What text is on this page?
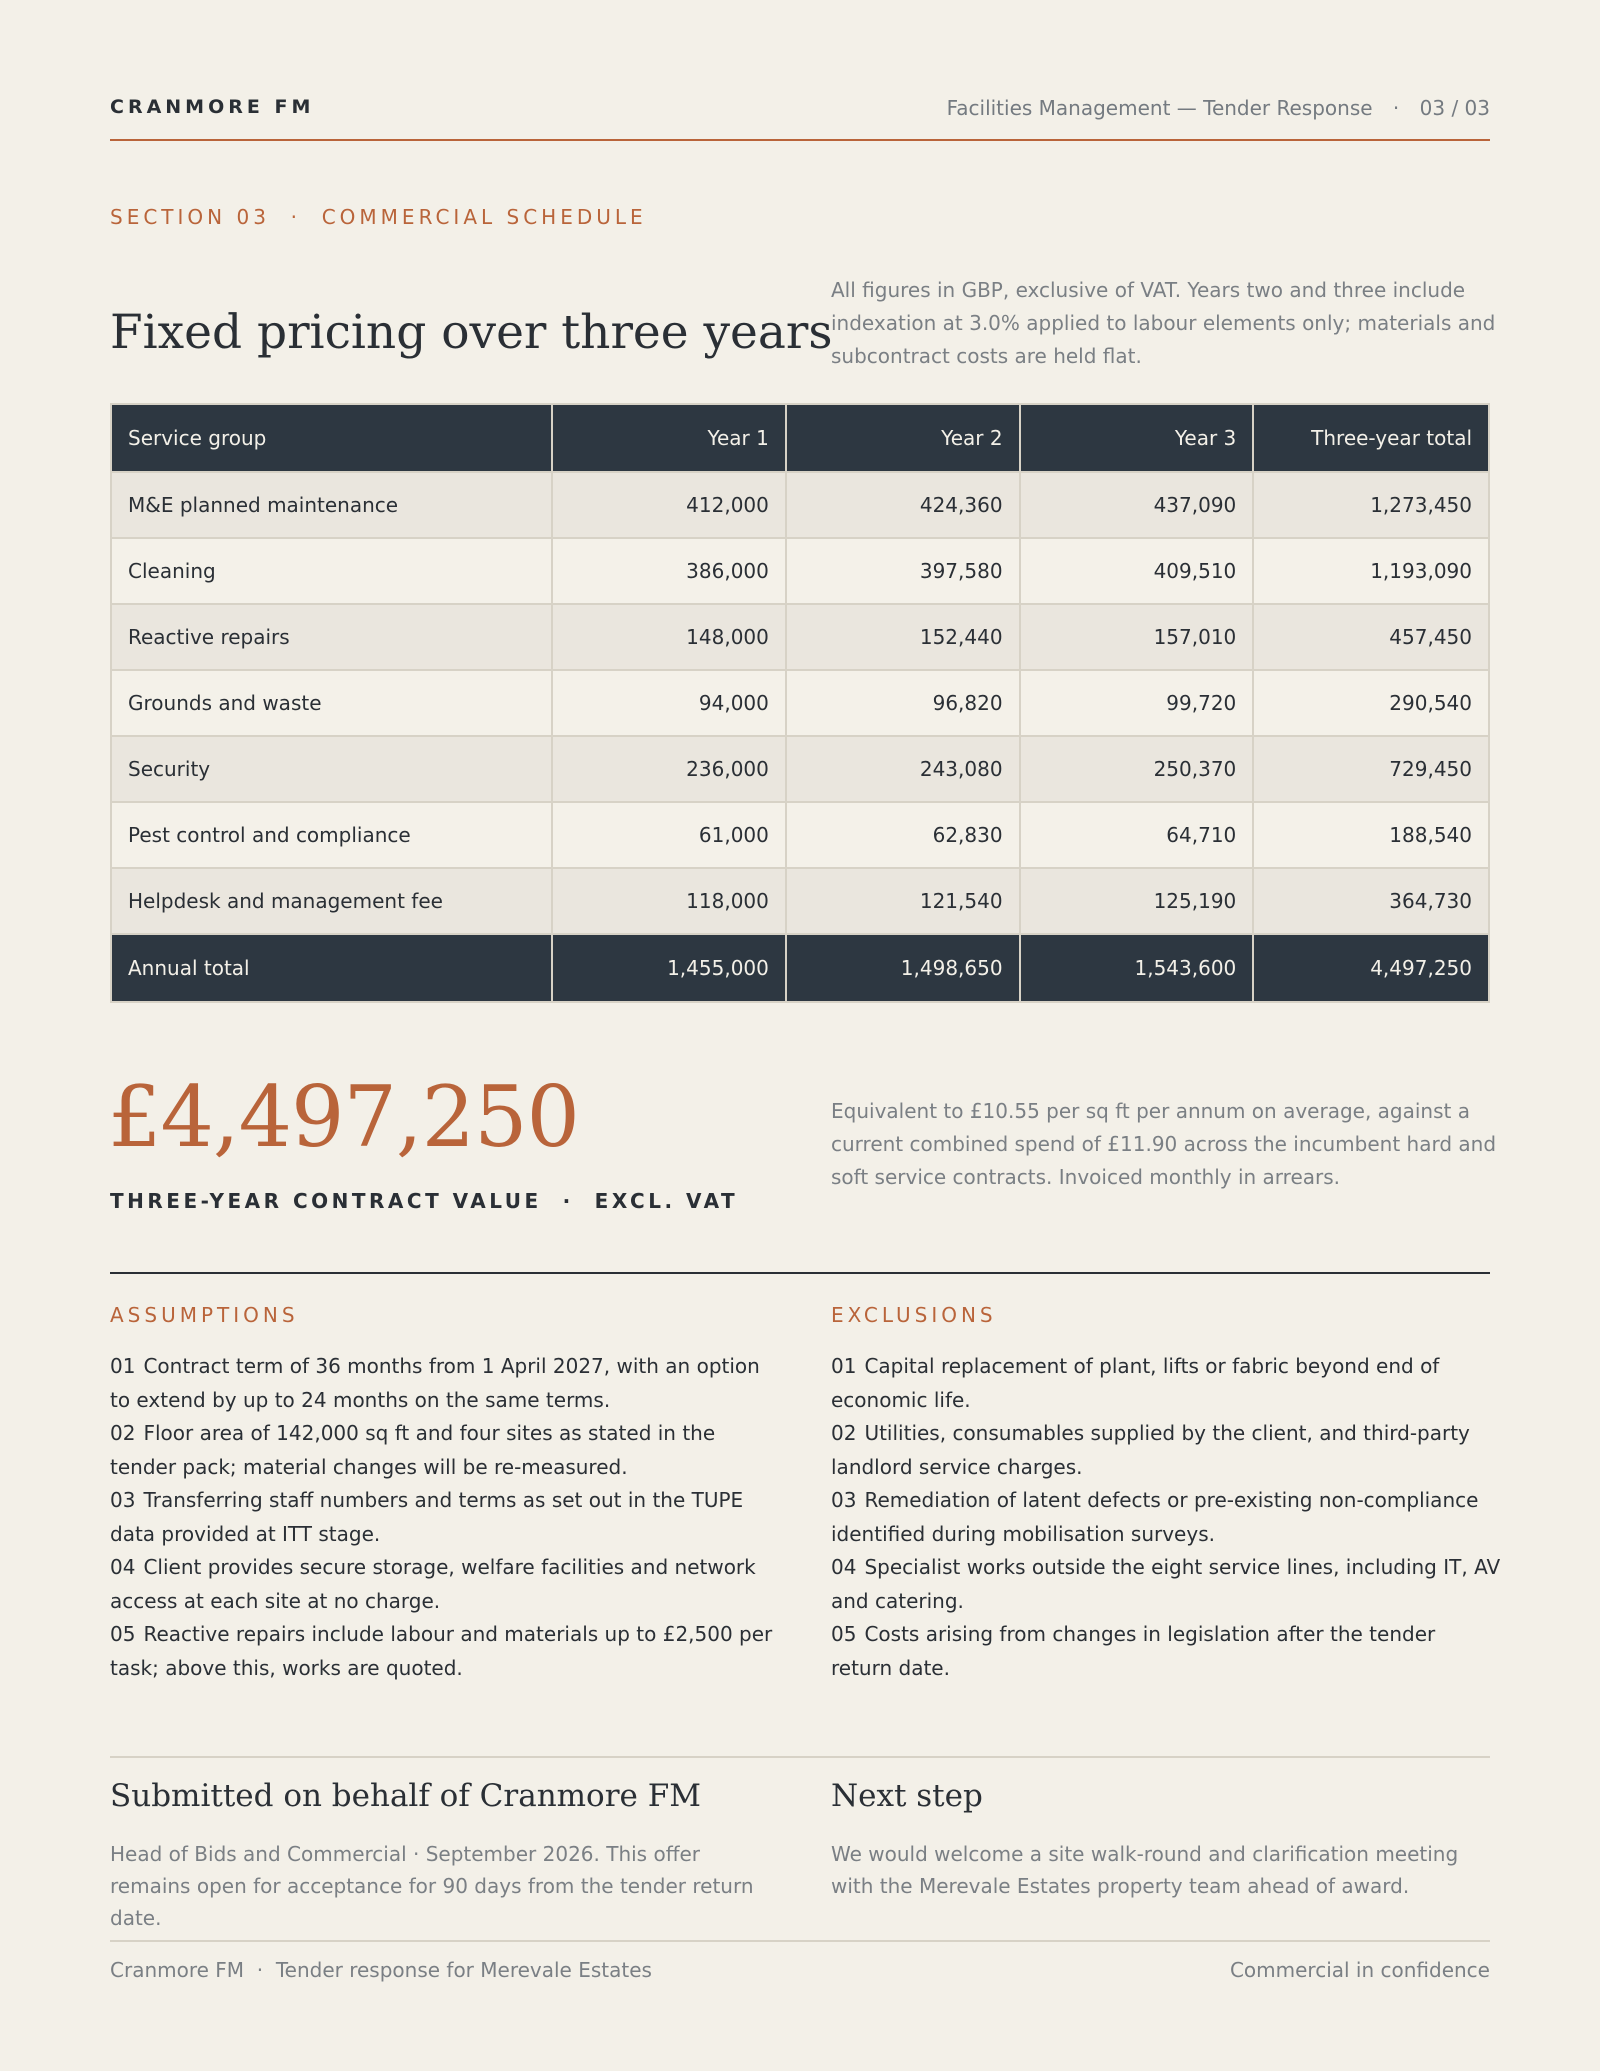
CRANMORE FM	Facilities Management — Tender Response · 03 / 03
SECTION 03  ·  COMMERCIAL SCHEDULE
Fixed pricing over three years
All figures in GBP, exclusive of VAT. Years two and three include indexation at 3.0% applied to labour elements only; materials and subcontract costs are held flat.
Service group	Year 1	Year 2	Year 3	Three-year total
M&E planned maintenance	412,000	424,360	437,090	1,273,450
Cleaning	386,000	397,580	409,510	1,193,090
Reactive repairs	148,000	152,440	157,010	457,450
Grounds and waste	94,000	96,820	99,720	290,540
Security	236,000	243,080	250,370	729,450
Pest control and compliance	61,000	62,830	64,710	188,540
Helpdesk and management fee	118,000	121,540	125,190	364,730
Annual total	1,455,000	1,498,650	1,543,600	4,497,250
£4,497,250
THREE-YEAR CONTRACT VALUE  ·  EXCL. VAT
Equivalent to £10.55 per sq ft per annum on average, against a current combined spend of £11.90 across the incumbent hard and soft service contracts. Invoiced monthly in arrears.
ASSUMPTIONS	EXCLUSIONS

01 Contract term of 36 months from 1 April 2027, with an option to extend by up to 24 months on the same terms.

02 Floor area of 142,000 sq ft and four sites as stated in the tender pack; material changes will be re-measured.

03 Transferring staff numbers and terms as set out in the TUPE data provided at ITT stage.

04 Client provides secure storage, welfare facilities and network access at each site at no charge.

05 Reactive repairs include labour and materials up to £2,500 per task; above this, works are quoted.

01 Capital replacement of plant, lifts or fabric beyond end of economic life.

02 Utilities, consumables supplied by the client, and third-party landlord service charges.

03 Remediation of latent defects or pre-existing non-compliance identified during mobilisation surveys.

04 Specialist works outside the eight service lines, including IT, AV and catering.

05 Costs arising from changes in legislation after the tender return date.

Submitted on behalf of Cranmore FM
Head of Bids and Commercial · September 2026. This offer remains open for acceptance for 90 days from the tender return date.
Next step
We would welcome a site walk-round and clarification meeting with the Merevale Estates property team ahead of award.
Cranmore FM  ·  Tender response for Merevale Estates	Commercial in confidence
